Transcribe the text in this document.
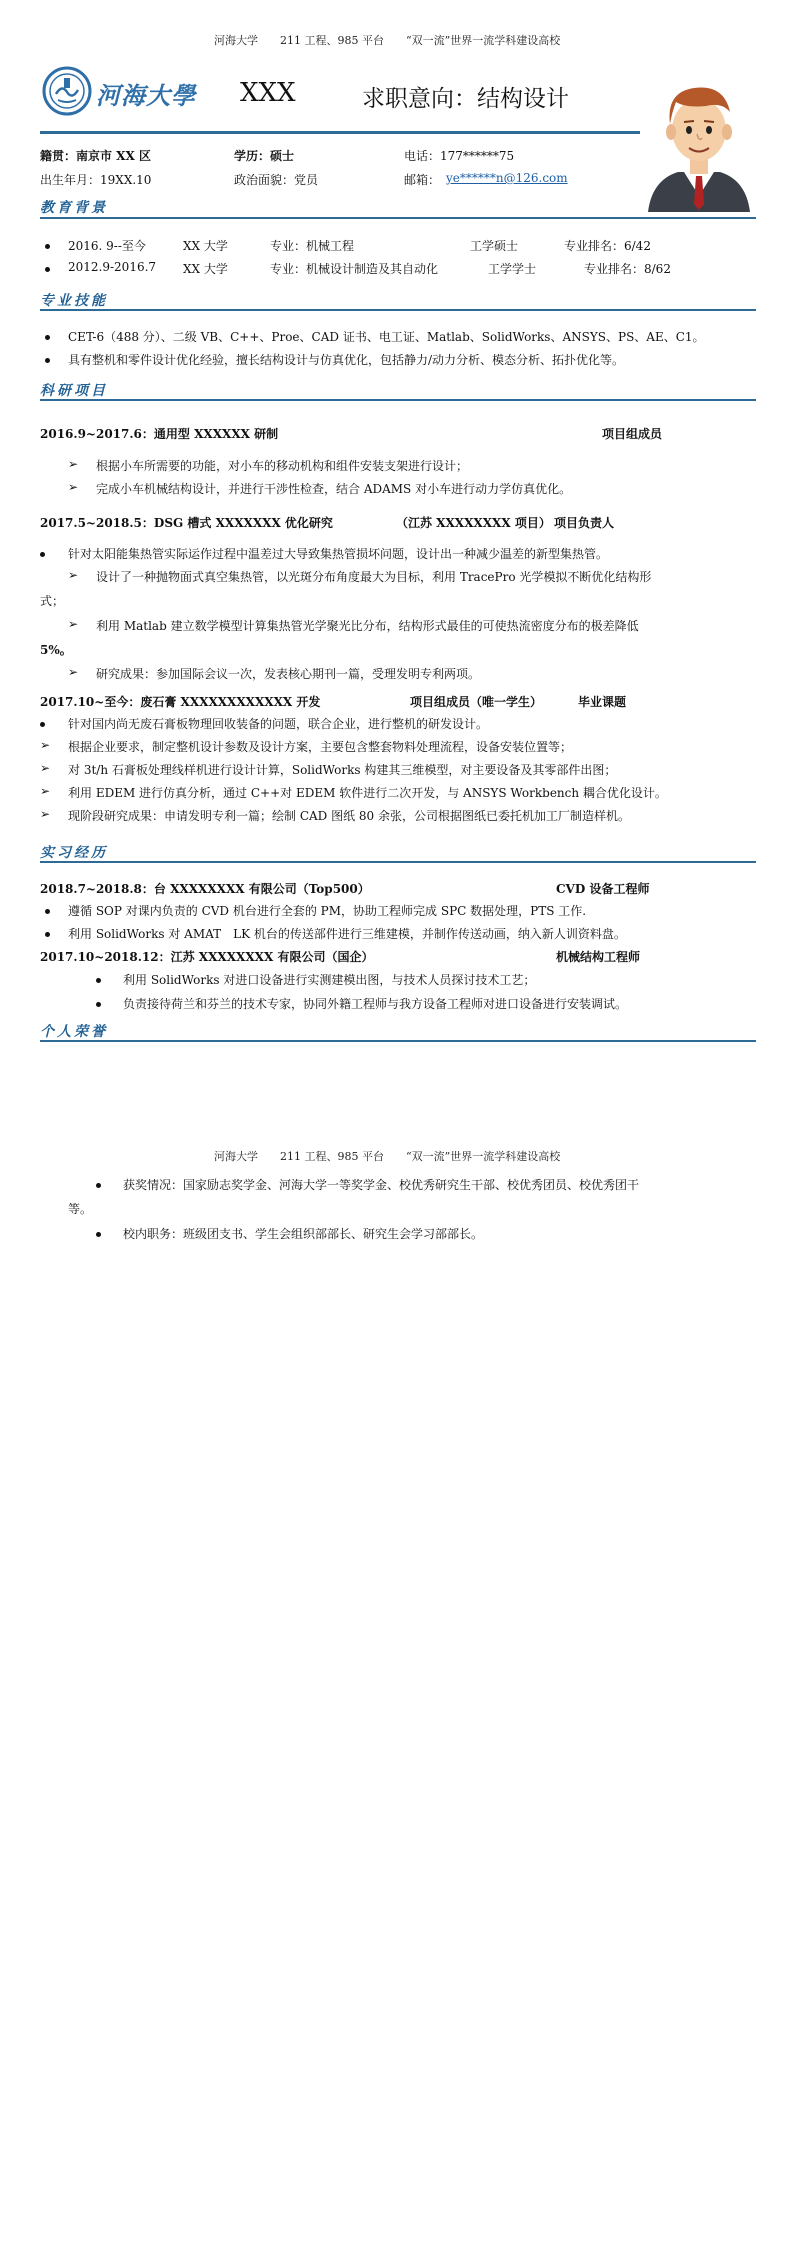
河海大学　　211 工程、985 平台　　“双一流”世界一流学科建设高校
河海大學 XXX	求职意向：结构设计
籍贯：南京市 XX 区	学历：硕士	电话：177******75
出生年月：19XX.10	政治面貌：党员	邮箱： ye******n@126.com
教育背景
2016. 9--至今	XX 大学	专业：机械工程	工学硕士	专业排名：6/42
2012.9-2016.7 XX 大学	专业：机械设计制造及其自动化	工学学士	专业排名：8/62
专业技能
CET-6（488 分）、二级 VB、C++、Proe、CAD 证书、电工证、Matlab、SolidWorks、ANSYS、PS、AE、C1。
具有整机和零件设计优化经验，擅长结构设计与仿真优化，包括静力/动力分析、模态分析、拓扑优化等。
科研项目
2016.9~2017.6：通用型 XXXXXX 研制	项目组成员
➢ 根据小车所需要的功能，对小车的移动机构和组件安装支架进行设计；
➢ 完成小车机械结构设计，并进行干涉性检查，结合 ADAMS 对小车进行动力学仿真优化。
2017.5~2018.5：DSG 槽式 XXXXXXX 优化研究	（江苏 XXXXXXXX 项目） 项目负责人
针对太阳能集热管实际运作过程中温差过大导致集热管损坏问题，设计出一种减少温差的新型集热管。
➢ 设计了一种抛物面式真空集热管，以光斑分布角度最大为目标，利用 TracePro 光学模拟不断优化结构形
式；
➢ 利用 Matlab 建立数学模型计算集热管光学聚光比分布，结构形式最佳的可使热流密度分布的极差降低
5%。
➢ 研究成果：参加国际会议一次，发表核心期刊一篇，受理发明专利两项。
2017.10~至今：废石膏 XXXXXXXXXXXX 开发	项目组成员（唯一学生）	毕业课题
针对国内尚无废石膏板物理回收装备的问题，联合企业，进行整机的研发设计。
➢ 根据企业要求，制定整机设计参数及设计方案，主要包含整套物料处理流程，设备安装位置等；
➢ 对 3t/h 石膏板处理线样机进行设计计算，SolidWorks 构建其三维模型，对主要设备及其零部件出图；
➢ 利用 EDEM 进行仿真分析，通过 C++对 EDEM 软件进行二次开发，与 ANSYS Workbench 耦合优化设计。
➢ 现阶段研究成果：申请发明专利一篇；绘制 CAD 图纸 80 余张，公司根据图纸已委托机加工厂制造样机。
实习经历
2018.7~2018.8：台 XXXXXXXX 有限公司（Top500）	CVD 设备工程师
遵循 SOP 对课内负责的 CVD 机台进行全套的 PM，协助工程师完成 SPC 数据处理，PTS 工作.
利用 SolidWorks 对 AMAT　LK 机台的传送部件进行三维建模，并制作传送动画，纳入新人训资料盘。
2017.10~2018.12：江苏 XXXXXXXX 有限公司（国企）	机械结构工程师
利用 SolidWorks 对进口设备进行实测建模出图，与技术人员探讨技术工艺；
负责接待荷兰和芬兰的技术专家，协同外籍工程师与我方设备工程师对进口设备进行安装调试。
个人荣誉
河海大学　　211 工程、985 平台　　“双一流”世界一流学科建设高校
获奖情况：国家励志奖学金、河海大学一等奖学金、校优秀研究生干部、校优秀团员、校优秀团干
等。
校内职务：班级团支书、学生会组织部部长、研究生会学习部部长。
